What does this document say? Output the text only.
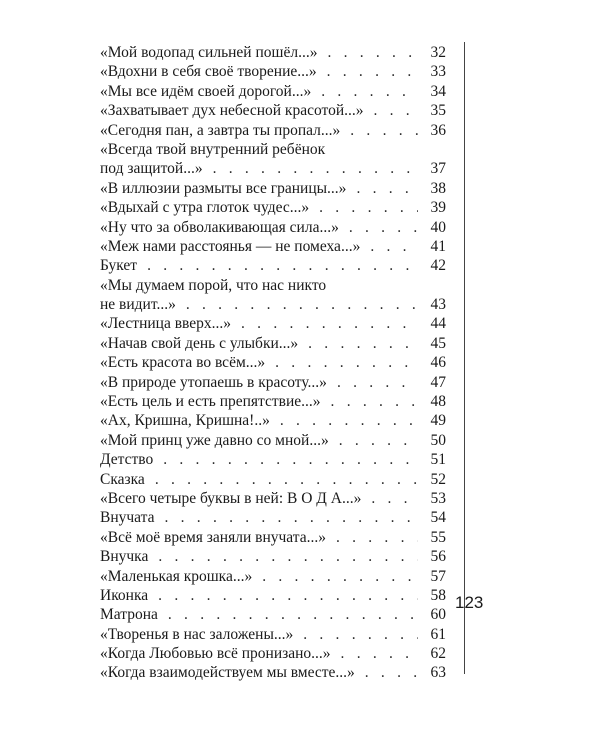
«Мой водопад сильней пошёл...» . . .	32
«Вдохни в себя своё творение...» . . .	33
«Мы все идём своей дорогой...» . . .	34
«Захватывает дух небесной красотой...» . . .	35
«Сегодня пан, а завтра ты пропал...» . . .	36
«Всегда твой внутренний ребёнок
под защитой...» . . .	37
«В иллюзии размыты все границы...» . . .	38
«Вдыхай с утра глоток чудес...» . . .	39
«Ну что за обволакивающая сила...» . . .	40
«Меж нами расстоянья — не помеха...» . . .	41
Букет . . .	42
«Мы думаем порой, что нас никто
не видит...» . . .	43
«Лестница вверх...» . . .	44
«Начав свой день с улыбки...» . . .	45
«Есть красота во всём...» . . .	46
«В природе утопаешь в красоту...» . . .	47
«Есть цель и есть препятствие...» . . .	48
«Ах, Кришна, Кришна!..» . . .	49
«Мой принц уже давно со мной...» . . .	50
Детство . . .	51
Сказка . . .	52
«Всего четыре буквы в ней: В О Д А...» . . .	53
Внучата . . .	54
«Всё моё время заняли внучата...» . . .	55
Внучка . . .	56
«Маленькая крошка...» . . .	57
Иконка . . .	58
Матрона . . .	60
«Творенья в нас заложены...» . . .	61
«Когда Любовью всё пронизано...» . . .	62
«Когда взаимодействуем мы вместе...» . . .	63
123
